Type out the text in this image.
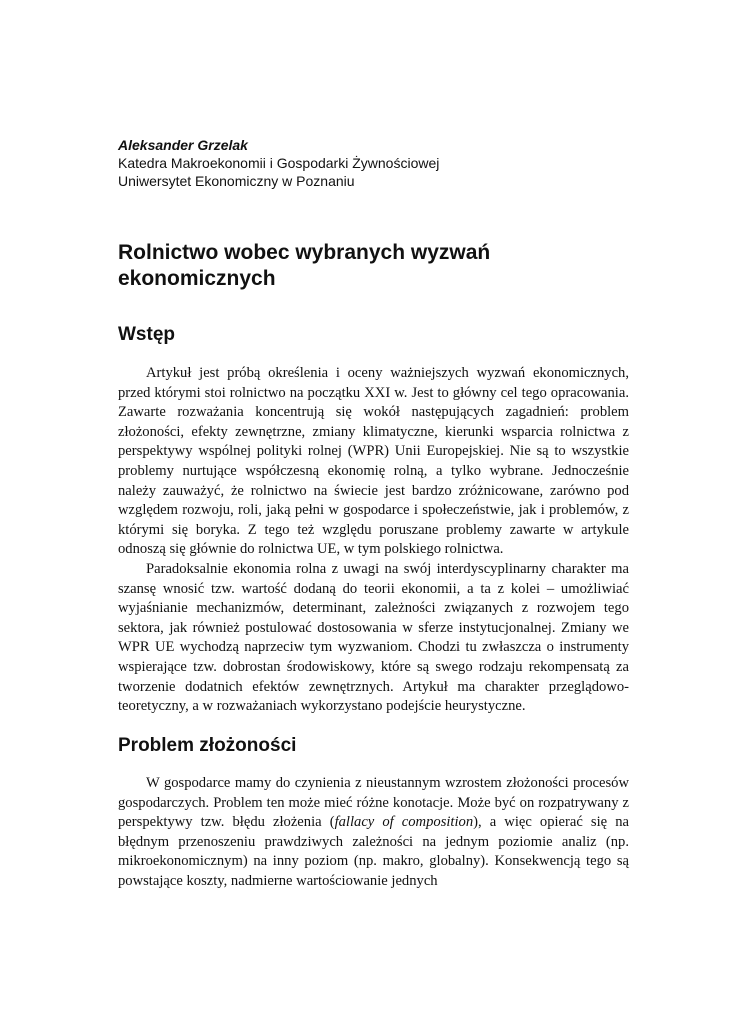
Aleksander Grzelak
Katedra Makroekonomii i Gospodarki Żywnościowej
Uniwersytet Ekonomiczny w Poznaniu
Rolnictwo wobec wybranych wyzwań ekonomicznych
Wstęp

Artykuł jest próbą określenia i oceny ważniejszych wyzwań ekonomicznych, przed którymi stoi rolnictwo na początku XXI w. Jest to główny cel tego opracowania. Zawarte rozważania koncentrują się wokół następujących zagadnień: problem złożoności, efekty zewnętrzne, zmiany klimatyczne, kierunki wsparcia rolnictwa z perspektywy wspólnej polityki rolnej (WPR) Unii Europejskiej. Nie są to wszystkie problemy nurtujące współczesną ekonomię rolną, a tylko wybrane. Jednocześnie należy zauważyć, że rolnictwo na świecie jest bardzo zróżnicowane, zarówno pod względem rozwoju, roli, jaką pełni w gospodarce i społeczeństwie, jak i problemów, z którymi się boryka. Z tego też względu poruszane problemy zawarte w artykule odnoszą się głównie do rolnictwa UE, w tym polskiego rolnictwa.

Paradoksalnie ekonomia rolna z uwagi na swój interdyscyplinarny charakter ma szansę wnosić tzw. wartość dodaną do teorii ekonomii, a ta z kolei – umożliwiać wyjaśnianie mechanizmów, determinant, zależności związanych z rozwojem tego sektora, jak również postulować dostosowania w sferze instytucjonalnej. Zmiany we WPR UE wychodzą naprzeciw tym wyzwaniom. Chodzi tu zwłaszcza o instrumenty wspierające tzw. dobrostan środowiskowy, które są swego rodzaju rekompensatą za tworzenie dodatnich efektów zewnętrznych. Artykuł ma charakter przeglądowo-teoretyczny, a w rozważaniach wykorzystano podejście heurystyczne.

Problem złożoności

W gospodarce mamy do czynienia z nieustannym wzrostem złożoności procesów gospodarczych. Problem ten może mieć różne konotacje. Może być on rozpatrywany z perspektywy tzw. błędu złożenia (fallacy of composition), a więc opierać się na błędnym przenoszeniu prawdziwych zależności na jednym poziomie analiz (np. mikroekonomicznym) na inny poziom (np. makro, globalny). Konsekwencją tego są powstające koszty, nadmierne wartościowanie jednych
